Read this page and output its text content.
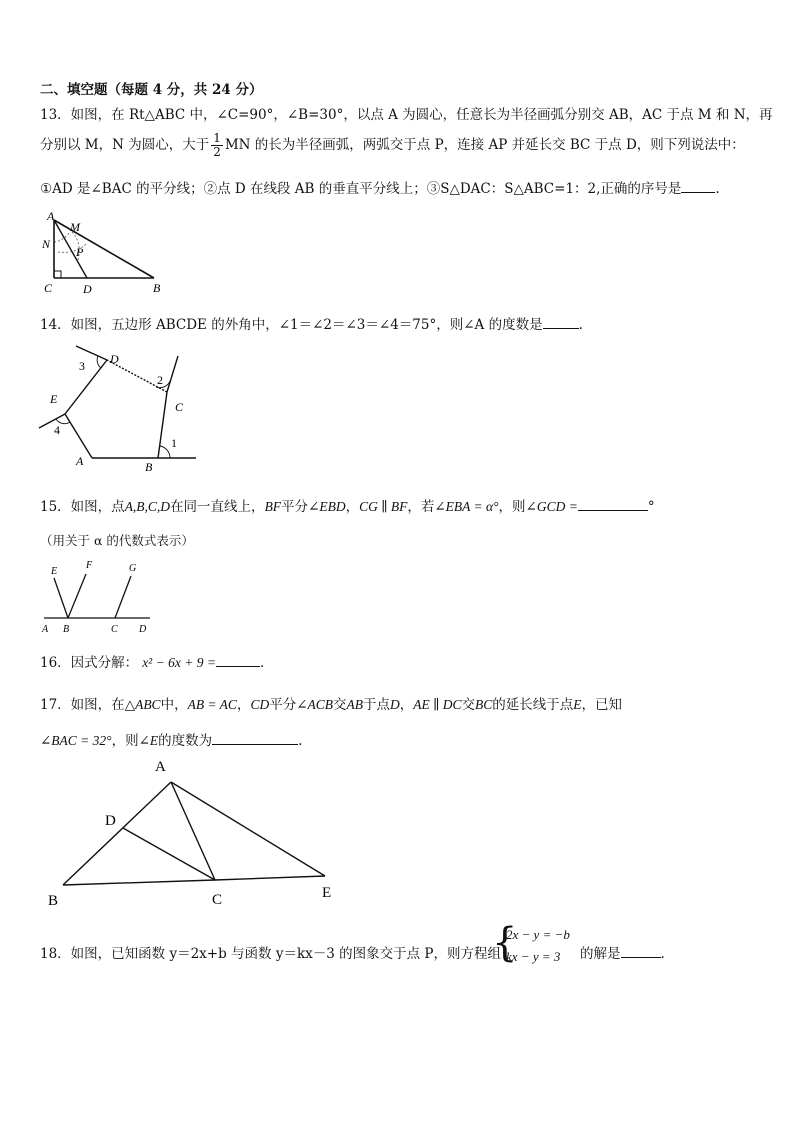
二、填空题（每题 4 分，共 24 分）
13．如图，在 Rt△ABC 中，∠C=90°，∠B=30°，以点 A 为圆心，任意长为半径画弧分别交 AB，AC 于点 M 和 N，再
分别以 M，N 为圆心，大于 $\frac{1}{2}$ MN 的长为半径画弧，两弧交于点 P，连接 AP 并延长交 BC 于点 D，则下列说法中：
①AD 是∠BAC 的平分线；②点 D 在线段 AB 的垂直平分线上；③S△DAC：S△ABC=1：2,正确的序号是	.
A
M
N
P
C	D	B
14．如图，五边形 ABCDE 的外角中，∠1＝∠2＝∠3＝∠4＝75°，则∠A 的度数是	.
1
2
3
4
D
C
E
A	B
15．如图，点A,B,C,D在同一直线上，BF平分∠EBD，CG ∥ BF，若∠EBA = α°，则∠GCD =	°
（用关于 α 的代数式表示）
E
F	G
A B	C D
16．因式分解： x² − 6x + 9 =	.
17．如图，在△ABC中，AB = AC，CD平分∠ACB交AB于点D，AE ∥ DC交BC的延长线于点E，已知
∠BAC = 32°，则∠E的度数为	.
A
D
B	C	E
18．如图，已知函数 y＝2x+b 与函数 y＝kx－3 的图象交于点 P，则方程组
{
2x − y = −b
kx − y = 3 的解是	.
